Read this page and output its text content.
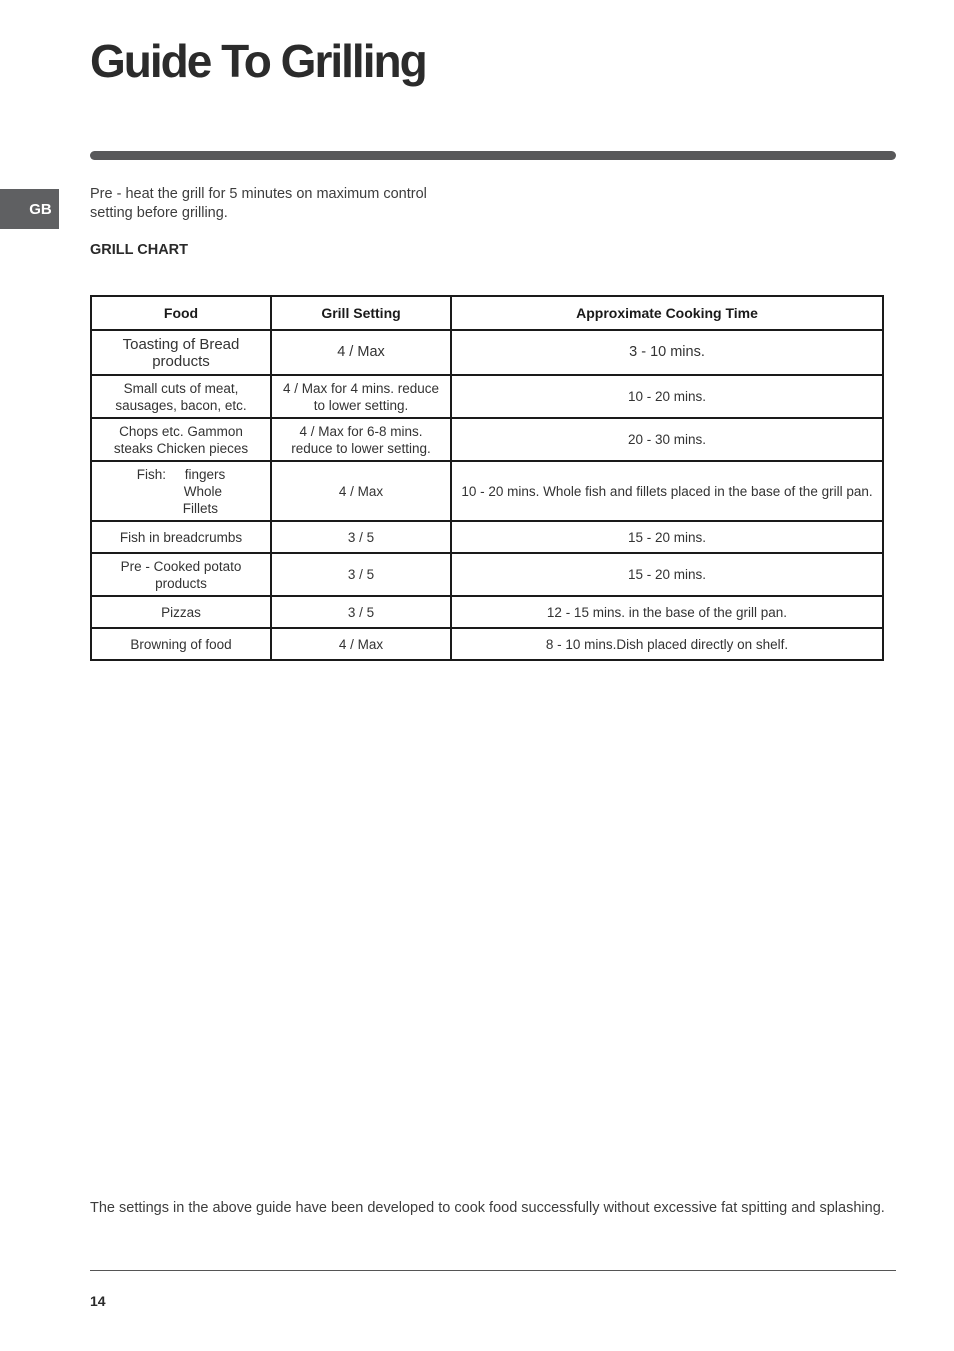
Guide To Grilling
GB
Pre - heat the grill for 5 minutes on maximum control setting before grilling.
GRILL CHART
Food	Grill Setting	Approximate Cooking Time
Toasting of Bread products	4 / Max	3 - 10 mins.
Small cuts of meat, sausages, bacon, etc.	4 / Max for 4 mins. reduce to lower setting.	10 - 20 mins.
Chops etc. Gammon steaks Chicken pieces	4 / Max for 6-8 mins. reduce to lower setting.	20 - 30 mins.

Fish: fingers
Whole
Fillets	4 / Max	10 - 20 mins. Whole fish and fillets placed in the base of the grill pan.
Fish in breadcrumbs	3 / 5	15 - 20 mins.
Pre - Cooked potato products	3 / 5	15 - 20 mins.
Pizzas	3 / 5	12 - 15 mins. in the base of the grill pan.
Browning of food	4 / Max	8 - 10 mins.Dish placed directly on shelf.
The settings in the above guide have been developed to cook food successfully without excessive fat spitting and splashing.
14
